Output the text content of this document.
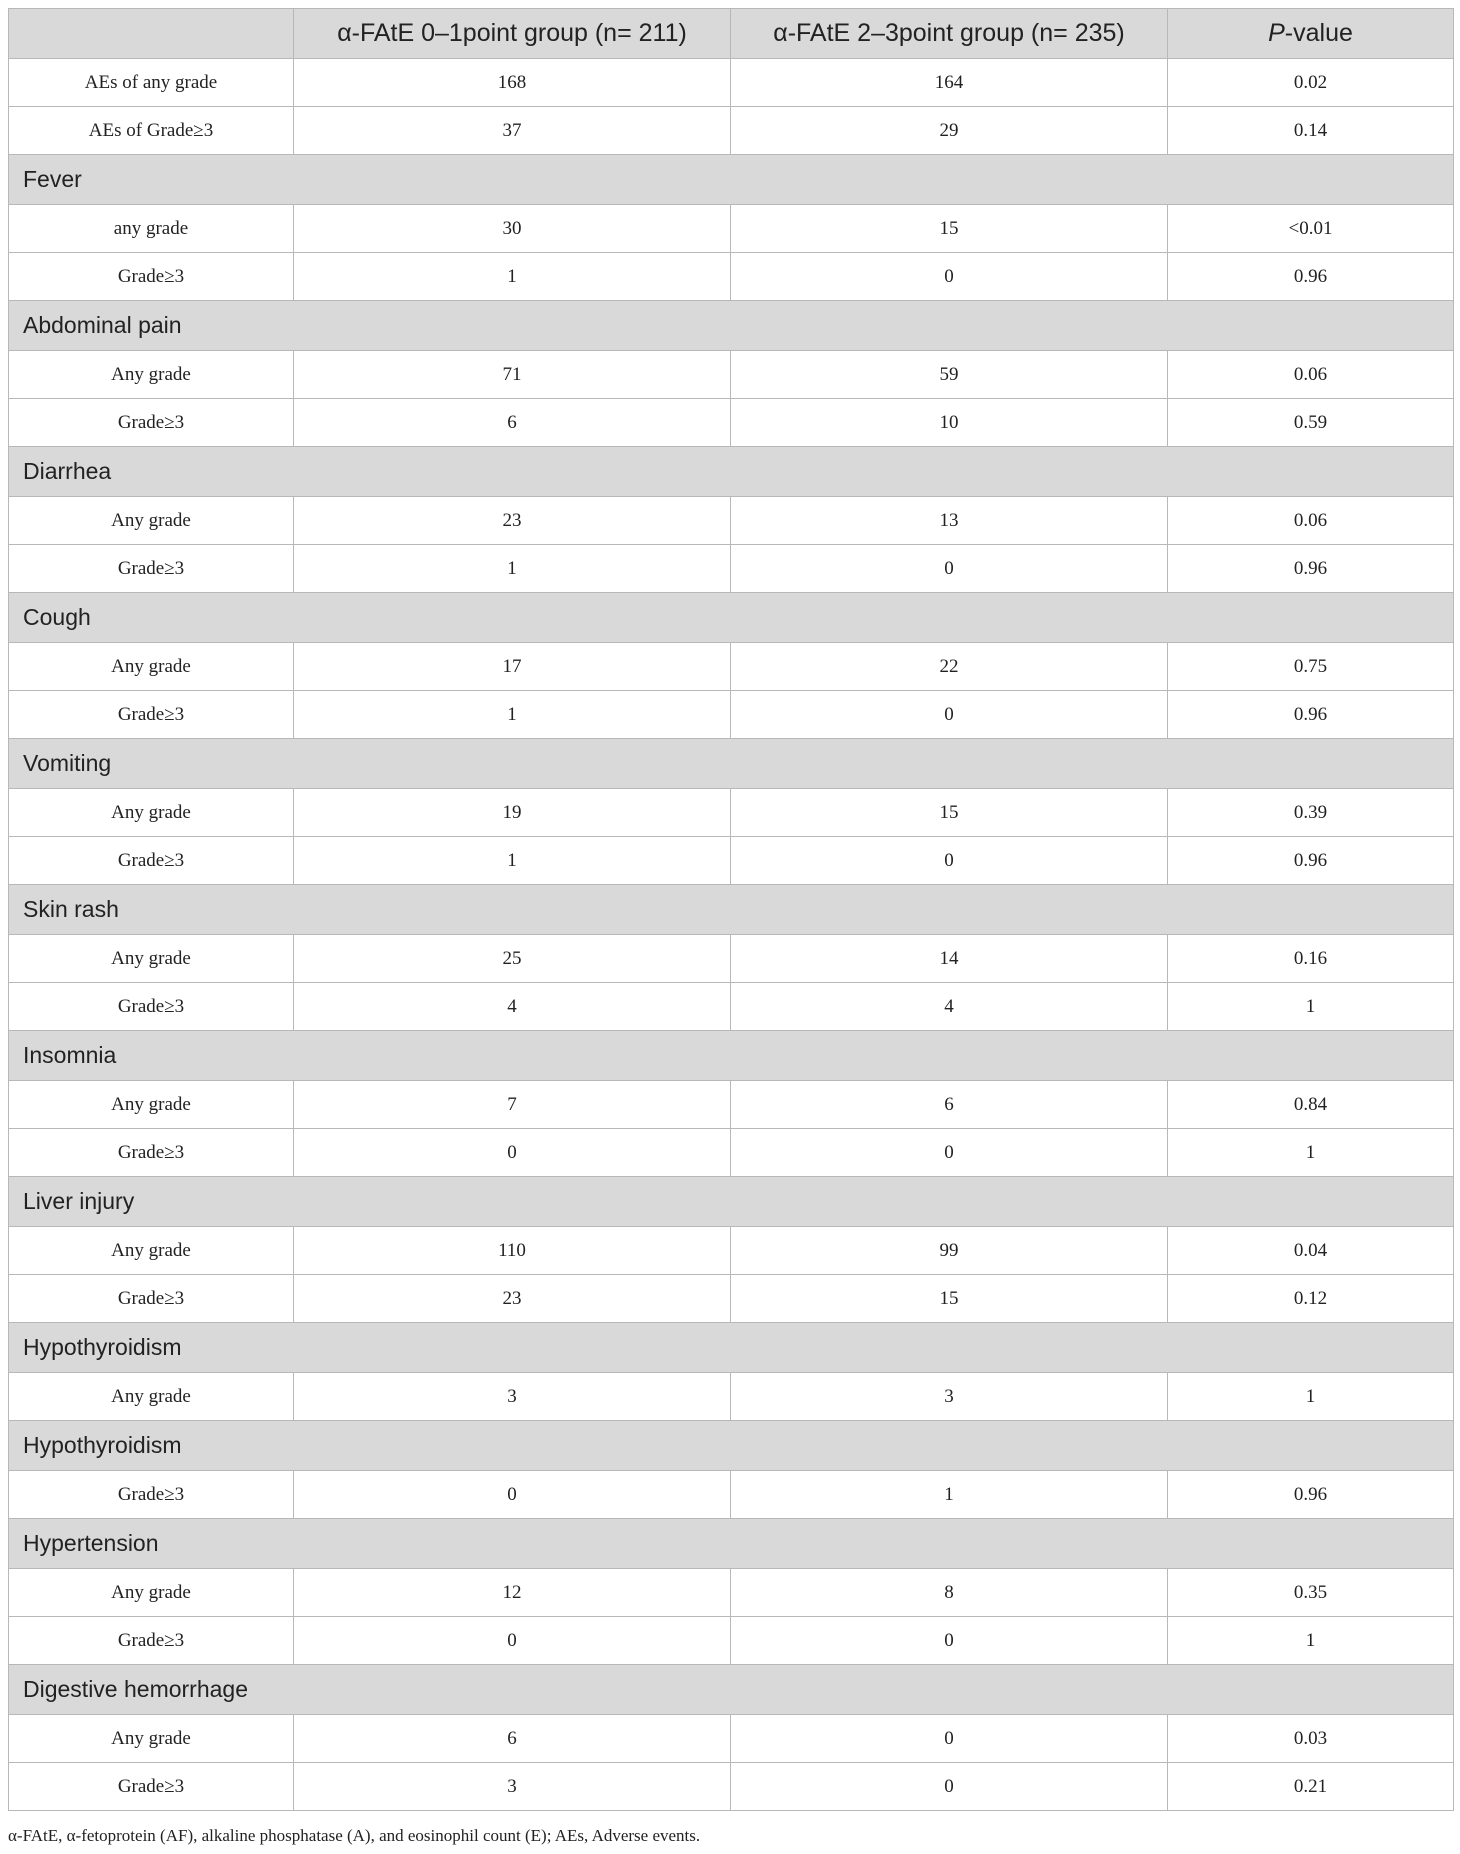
	α-FAtE 0–1point group (n= 211)	α-FAtE 2–3point group (n= 235)	P-value
AEs of any grade	168	164	0.02
AEs of Grade≥3	37	29	0.14
Fever			
any grade	30	15	<0.01
Grade≥3	1	0	0.96
Abdominal pain			
Any grade	71	59	0.06
Grade≥3	6	10	0.59
Diarrhea			
Any grade	23	13	0.06
Grade≥3	1	0	0.96
Cough			
Any grade	17	22	0.75
Grade≥3	1	0	0.96
Vomiting			
Any grade	19	15	0.39
Grade≥3	1	0	0.96
Skin rash			
Any grade	25	14	0.16
Grade≥3	4	4	1
Insomnia			
Any grade	7	6	0.84
Grade≥3	0	0	1
Liver injury			
Any grade	110	99	0.04
Grade≥3	23	15	0.12
Hypothyroidism			
Any grade	3	3	1
Hypothyroidism			
Grade≥3	0	1	0.96
Hypertension			
Any grade	12	8	0.35
Grade≥3	0	0	1
Digestive hemorrhage			
Any grade	6	0	0.03
Grade≥3	3	0	0.21
α-FAtE, α-fetoprotein (AF), alkaline phosphatase (A), and eosinophil count (E); AEs, Adverse events.
